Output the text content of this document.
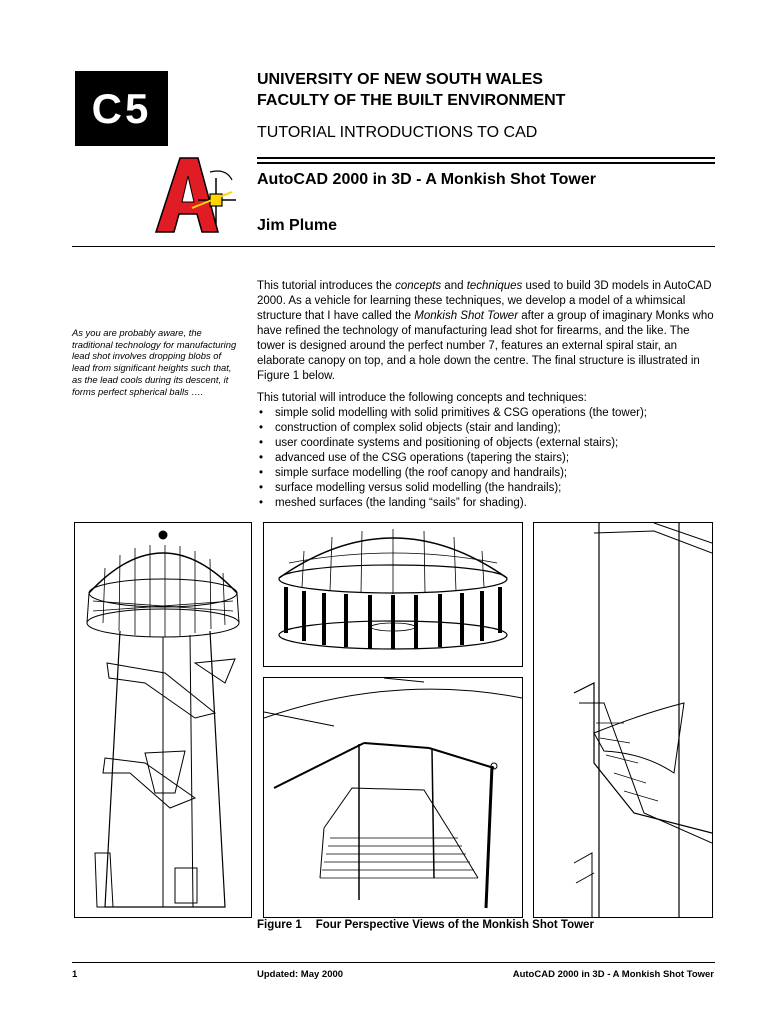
C5
UNIVERSITY OF NEW SOUTH WALES
FACULTY OF THE BUILT ENVIRONMENT
TUTORIAL INTRODUCTIONS TO CAD
AutoCAD 2000 in 3D - A Monkish Shot Tower
Jim Plume
As you are probably aware, the traditional technology for manufacturing lead shot involves dropping blobs of lead from significant heights such that, as the lead cools during its descent, it forms perfect spherical balls ….
This tutorial introduces the concepts and techniques used to build 3D models in AutoCAD 2000. As a vehicle for learning these techniques, we develop a model of a whimsical structure that I have called the Monkish Shot Tower after a group of imaginary Monks who have refined the technology of manufacturing lead shot for firearms, and the like. The tower is designed around the perfect number 7, features an external spiral stair, an elaborate canopy on top, and a hole down the centre. The final structure is illustrated in Figure 1 below.
This tutorial will introduce the following concepts and techniques:
• simple solid modelling with solid primitives & CSG operations (the tower);
• construction of complex solid objects (stair and landing);
• user coordinate systems and positioning of objects (external stairs);
• advanced use of the CSG operations (tapering the stairs);
• simple surface modelling (the roof canopy and handrails);
• surface modelling versus solid modelling (the handrails);
• meshed surfaces (the landing “sails” for shading).
Figure 1 Four Perspective Views of the Monkish Shot Tower
1	Updated: May 2000	AutoCAD 2000 in 3D - A Monkish Shot Tower
